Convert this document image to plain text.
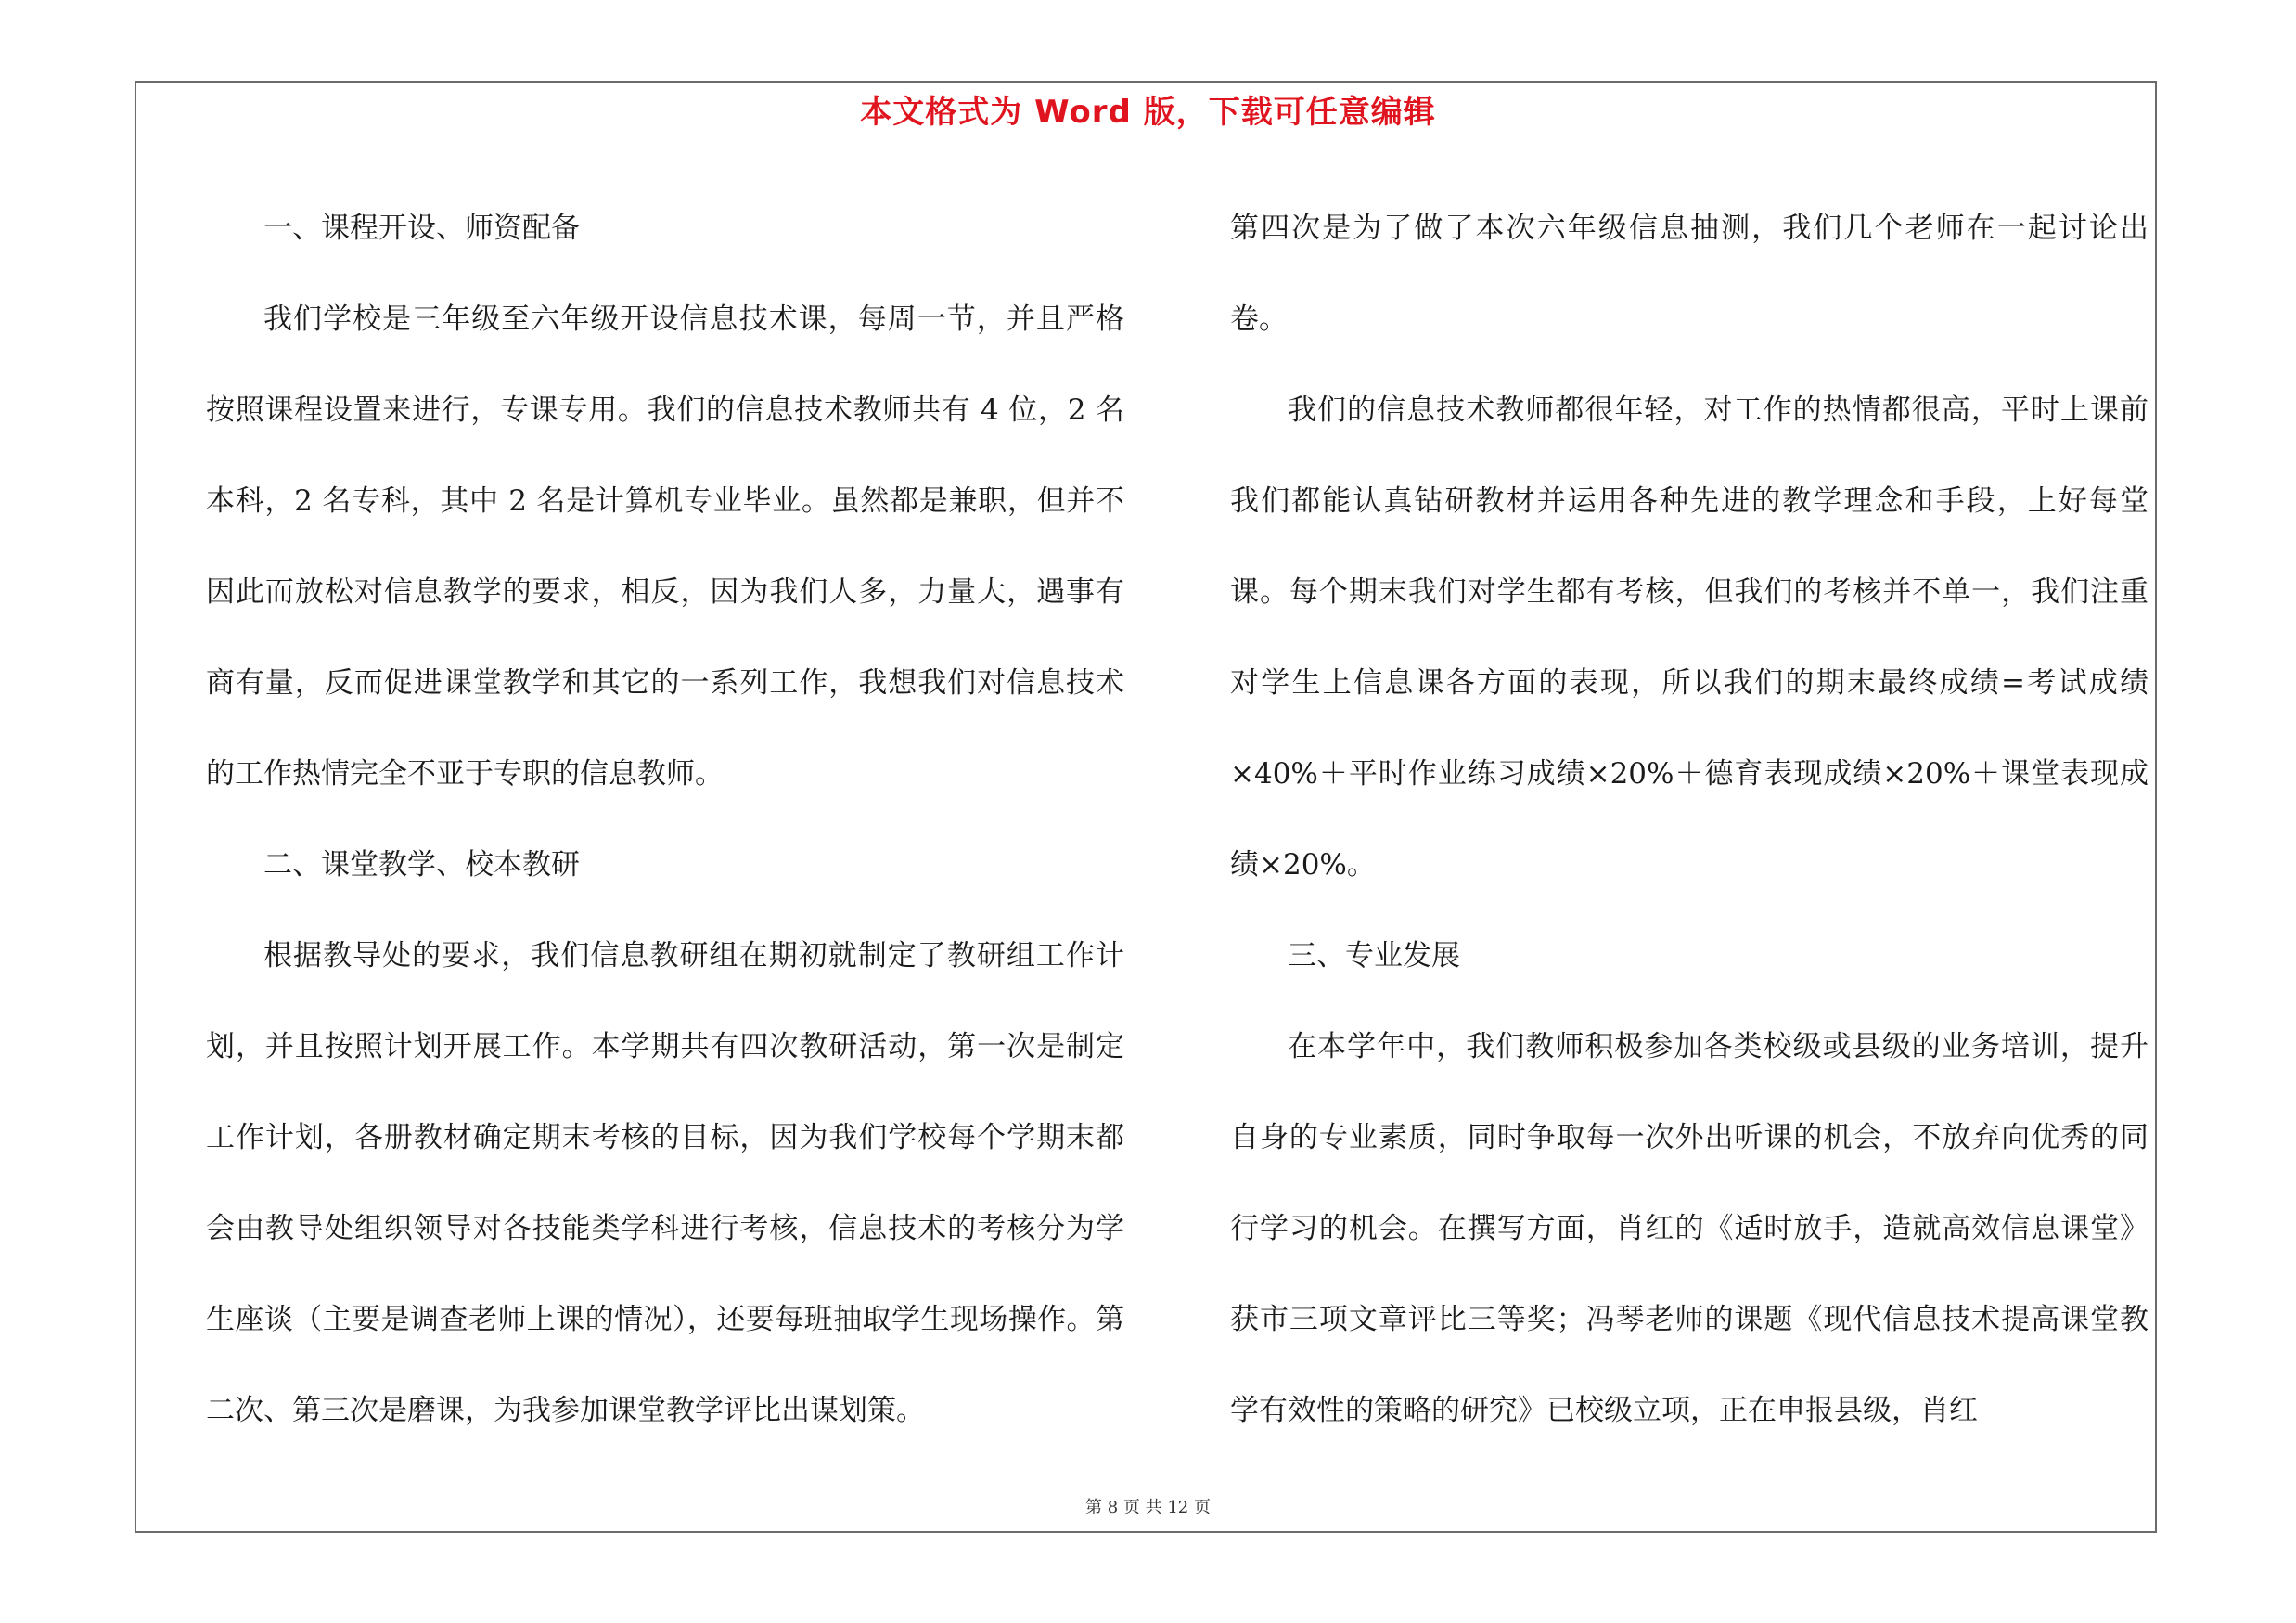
本文格式为 Word 版，下载可任意编辑

一、课程开设、师资配备

我们学校是三年级至六年级开设信息技术课，每周一节，并且严格按照课程设置来进行，专课专用。我们的信息技术教师共有 4 位，2 名本科，2 名专科，其中 2 名是计算机专业毕业。虽然都是兼职，但并不因此而放松对信息教学的要求，相反，因为我们人多，力量大，遇事有商有量，反而促进课堂教学和其它的一系列工作，我想我们对信息技术的工作热情完全不亚于专职的信息教师。

二、课堂教学、校本教研

根据教导处的要求，我们信息教研组在期初就制定了教研组工作计划，并且按照计划开展工作。本学期共有四次教研活动，第一次是制定工作计划，各册教材确定期末考核的目标，因为我们学校每个学期末都会由教导处组织领导对各技能类学科进行考核，信息技术的考核分为学生座谈（主要是调查老师上课的情况），还要每班抽取学生现场操作。第二次、第三次是磨课，为我参加课堂教学评比出谋划策。

第四次是为了做了本次六年级信息抽测，我们几个老师在一起讨论出卷。

我们的信息技术教师都很年轻，对工作的热情都很高，平时上课前我们都能认真钻研教材并运用各种先进的教学理念和手段，上好每堂课。每个期末我们对学生都有考核，但我们的考核并不单一，我们注重对学生上信息课各方面的表现，所以我们的期末最终成绩=考试成绩×40%＋平时作业练习成绩×20%＋德育表现成绩×20%＋课堂表现成绩×20%。

三、专业发展

在本学年中，我们教师积极参加各类校级或县级的业务培训，提升自身的专业素质，同时争取每一次外出听课的机会，不放弃向优秀的同行学习的机会。在撰写方面，肖红的《适时放手，造就高效信息课堂》获市三项文章评比三等奖；冯琴老师的课题《现代信息技术提高课堂教学有效性的策略的研究》已校级立项，正在申报县级，肖红

第 8 页 共 12 页
